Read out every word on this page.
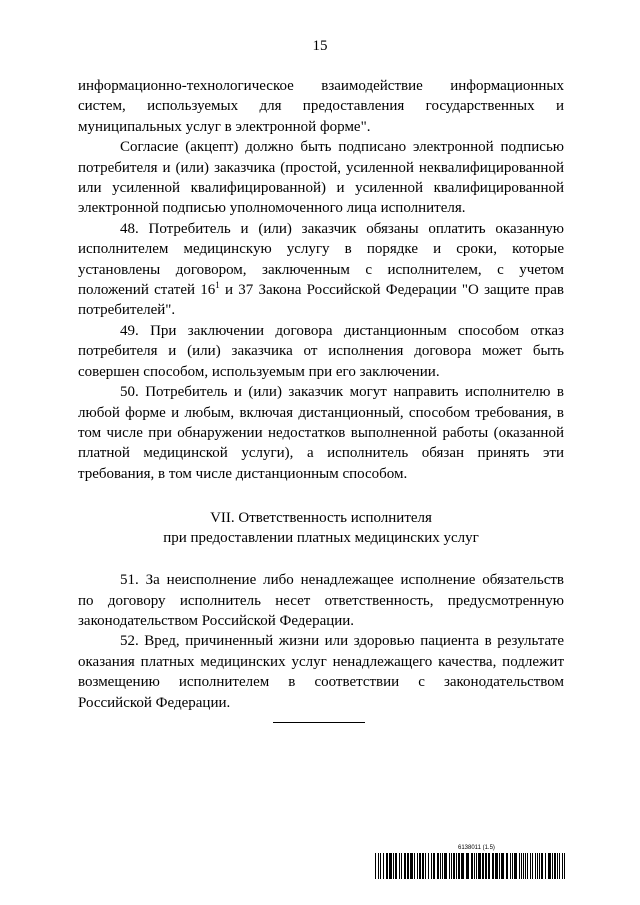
15

информационно-технологическое взаимодействие информационных систем, используемых для предоставления государственных и муниципальных услуг в электронной форме".

Согласие (акцепт) должно быть подписано электронной подписью потребителя и (или) заказчика (простой, усиленной неквалифицированной или усиленной квалифицированной) и усиленной квалифицированной электронной подписью уполномоченного лица исполнителя.

48. Потребитель и (или) заказчик обязаны оплатить оказанную исполнителем медицинскую услугу в порядке и сроки, которые установлены договором, заключенным с исполнителем, с учетом положений статей $16^1$ и 37 Закона Российской Федерации "О защите прав потребителей".

49. При заключении договора дистанционным способом отказ потребителя и (или) заказчика от исполнения договора может быть совершен способом, используемым при его заключении.

50. Потребитель и (или) заказчик могут направить исполнителю в любой форме и любым, включая дистанционный, способом требования, в том числе при обнаружении недостатков выполненной работы (оказанной платной медицинской услуги), а исполнитель обязан принять эти требования, в том числе дистанционным способом.

VII. Ответственность исполнителя
при предоставлении платных медицинских услуг

51. За неисполнение либо ненадлежащее исполнение обязательств по договору исполнитель несет ответственность, предусмотренную законодательством Российской Федерации.

52. Вред, причиненный жизни или здоровью пациента в результате оказания платных медицинских услуг ненадлежащего качества, подлежит возмещению исполнителем в соответствии с законодательством Российской Федерации.

6138011 (1.5)
